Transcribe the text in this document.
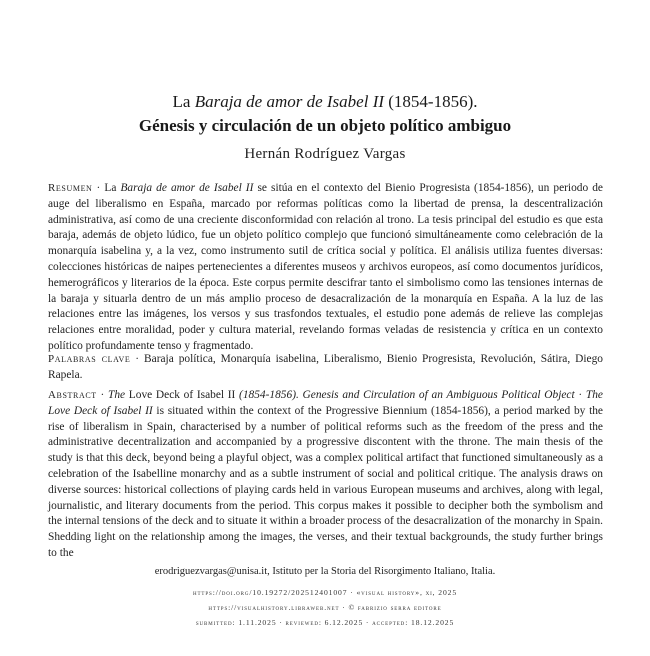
La Baraja de amor de Isabel II (1854-1856).
Génesis y circulación de un objeto político ambiguo
Hernán Rodríguez Vargas
Resumen · La Baraja de amor de Isabel II se sitúa en el contexto del Bienio Progresista (1854-1856), un periodo de auge del liberalismo en España, marcado por reformas políticas como la libertad de prensa, la descentralización administrativa, así como de una creciente disconformidad con relación al trono. La tesis principal del estudio es que esta baraja, además de objeto lúdico, fue un objeto político complejo que funcionó simultáneamente como celebración de la monarquía isabelina y, a la vez, como instrumento sutil de crítica social y política. El análisis utiliza fuentes diversas: colecciones históricas de naipes pertenecientes a diferentes museos y archivos europeos, así como documentos jurídicos, hemerográficos y literarios de la época. Este corpus permite descifrar tanto el simbolismo como las tensiones internas de la baraja y situarla dentro de un más amplio proceso de desacralización de la monarquía en España. A la luz de las relaciones entre las imágenes, los versos y sus trasfondos textuales, el estudio pone además de relieve las complejas relaciones entre moralidad, poder y cultura material, revelando formas veladas de resistencia y crítica en un contexto político profundamente tenso y fragmentado.
Palabras clave · Baraja política, Monarquía isabelina, Liberalismo, Bienio Progresista, Revolución, Sátira, Diego Rapela.
Abstract · The Love Deck of Isabel II (1854-1856). Genesis and Circulation of an Ambiguous Political Object · The Love Deck of Isabel II is situated within the context of the Progressive Biennium (1854-1856), a period marked by the rise of liberalism in Spain, characterised by a number of political reforms such as the freedom of the press and the administrative decentralization and accompanied by a progressive discontent with the throne. The main thesis of the study is that this deck, beyond being a playful object, was a complex political artifact that functioned simultaneously as a celebration of the Isabelline monarchy and as a subtle instrument of social and political critique. The analysis draws on diverse sources: historical collections of playing cards held in various European museums and archives, along with legal, journalistic, and literary documents from the period. This corpus makes it possible to decipher both the symbolism and the internal tensions of the deck and to situate it within a broader process of the desacralization of the monarchy in Spain. Shedding light on the relationship among the images, the verses, and their textual backgrounds, the study further brings to the
erodriguezvargas@unisa.it, Istituto per la Storia del Risorgimento Italiano, Italia.
https://doi.org/10.19272/202512401007 · «visual history», xi, 2025
https://visualhistory.libraweb.net · © fabrizio serra editore
submitted: 1.11.2025 · reviewed: 6.12.2025 · accepted: 18.12.2025
